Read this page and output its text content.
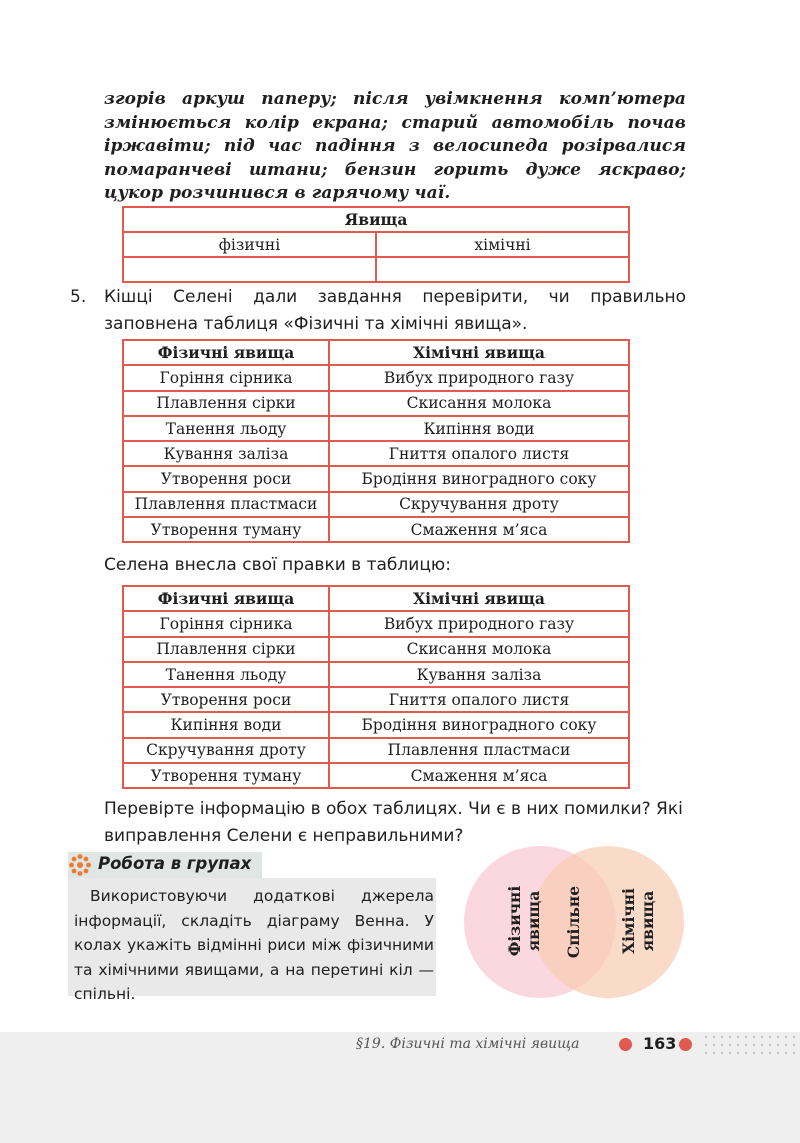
згорів аркуш паперу; після увімкнення комп’ютера змінюється колір екрана; старий автомобіль почав іржавіти; під час падіння з велосипеда розірвалися помаранчеві штани; бензин горить дуже яскраво; цукор розчинився в гарячому чаї.

Явища	
фізичні	хімічні

5. Кішці Селені дали завдання перевірити, чи правильно заповнена таблиця «Фізичні та хімічні явища».

Фізичні явища	Хімічні явища
Горіння сірника	Вибух природного газу
Плавлення сірки	Скисання молока
Танення льоду	Кипіння води
Кування заліза	Гниття опалого листя
Утворення роси	Бродіння виноградного соку
Плавлення пластмаси	Скручування дроту
Утворення туману	Смаження м’яса

Селена внесла свої правки в таблицю:

Фізичні явища	Хімічні явища
Горіння сірника	Вибух природного газу
Плавлення сірки	Скисання молока
Танення льоду	Кування заліза
Утворення роси	Гниття опалого листя
Кипіння води	Бродіння виноградного соку
Скручування дроту	Плавлення пластмаси
Утворення туману	Смаження м’яса

Перевірте інформацію в обох таблицях. Чи є в них помилки? Які виправлення Селени є неправильними?

Робота в групах

Використовуючи додаткові джерела інформації, складіть діаграму Венна. У колах укажіть відмінні риси між фізичними та хімічними явищами, а на перетині кіл — спільні.

Фізичні явища Спільне Хімічні явища
§19. Фізичні та хімічні явища	163
